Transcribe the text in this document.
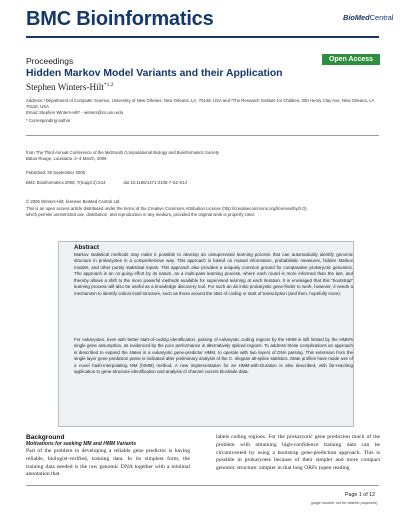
BMC Bioinformatics	BioMedCentral
Proceedings	Open Access
Hidden Markov Model Variants and their Application
Stephen Winters-Hilt$^{*1,2}$
Address: ¹Department of Computer Science, University of New Orleans, New Orleans, LA, 70148, USA and ²The Research Institute for Children, 200 Henry Clay Ave, New Orleans, LA 70118, USA
Email: Stephen Winters-Hilt* - winters@cs.uno.edu
* Corresponding author
from The Third Annual Conference of the MidSouth Computational Biology and Bioinformatics Society
Baton Rouge, Louisiana. 2–4 March, 2006
Published: 26 September 2006
BMC Bioinformatics 2006, 7(Suppl 2):S14	doi:10.1186/1471-2105-7-S2-S14
© 2006 Winters-Hilt; licensee BioMed Central Ltd.
This is an open access article distributed under the terms of the Creative Commons Attribution License (http://creativecommons.org/licenses/by/2.0),
which permits unrestricted use, distribution, and reproduction in any medium, provided the original work is properly cited.
Abstract
Markov statistical methods may make it possible to develop an unsupervised learning process that can automatically identify genomic structure in prokaryotes in a comprehensive way. This approach is based on mutual information, probabilistic measures, hidden Markov models, and other purely statistical inputs. This approach also provides a uniquely common ground for comparative prokaryotic genomics. The approach is an on-going effort by its nature, as a multi-pass learning process, where each round is more informed than the last, and thereby allows a shift to the more powerful methods available for supervised learning at each iteration. It is envisaged that this "bootstrap" learning process will also be useful as a knowledge discovery tool. For such an ab initio prokaryotic gene-finder to work, however, it needs a mechanism to identify critical motif structure, such as those around the start of coding or start of transcription (and then, hopefully more).
For eukaryotes, even with better start-of-coding identification, parsing of eukaryotic coding regions by the HMM is still limited by the HMM's single gene assumption, as evidenced by the poor performance in alternatively spliced regions. To address these complications an approach is described to expand the states in a eukaryotic gene-predictor HMM, to operate with two layers of DNA parsing. This extension from the single layer gene prediction parse is indicated after preliminary analysis of the C. elegans alt-splice statistics. State profiles have made use of a novel hash-interpolating MM (hIMM) method. A new implementation for an HMM-with-Duration is also described, with far-reaching application to gene-structure identification and analysis of channel current blockade data.
Background
Motivations for seeking MM and HMM Variants
Part of the problem in developing a reliable gene predictor is having reliable, biologist-verified, training data. In its simplest form, the training data needed is the raw genomic DNA together with a minimal annotation that
labels coding regions. For the prokaryotic gene prediction much of the problem with obtaining high-confidence training data can be circumvented by using a bootstrap gene-prediction approach. This is possible in prokaryotes because of their simpler and more compact genomic structure: simpler in that long ORFs (open reading
Page 1 of 12
(page number not for citation purposes)
